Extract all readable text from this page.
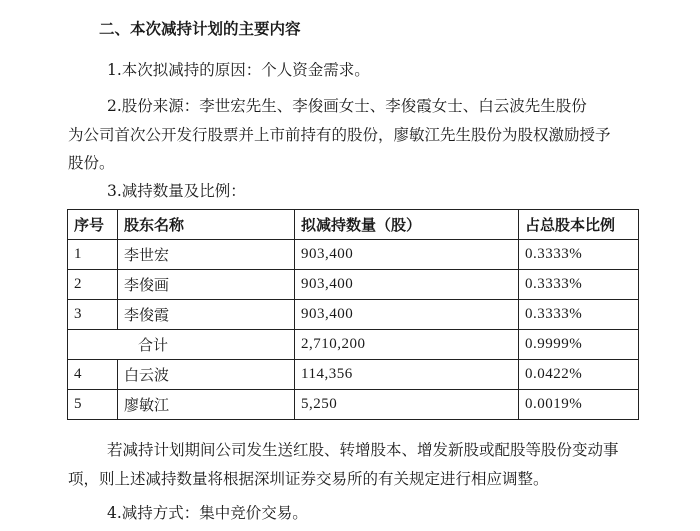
二、本次减持计划的主要内容
1.本次拟减持的原因：个人资金需求。
2.股份来源：李世宏先生、李俊画女士、李俊霞女士、白云波先生股份
为公司首次公开发行股票并上市前持有的股份，廖敏江先生股份为股权激励授予
股份。
3.减持数量及比例：
序号	股东名称	拟减持数量（股）	占总股本比例
1	李世宏	903,400	0.3333%
2	李俊画	903,400	0.3333%
3	李俊霞	903,400	0.3333%
合计		2,710,200	0.9999%
4	白云波	114,356	0.0422%
5	廖敏江	5,250	0.0019%
若减持计划期间公司发生送红股、转增股本、增发新股或配股等股份变动事
项，则上述减持数量将根据深圳证券交易所的有关规定进行相应调整。
4.减持方式：集中竞价交易。
